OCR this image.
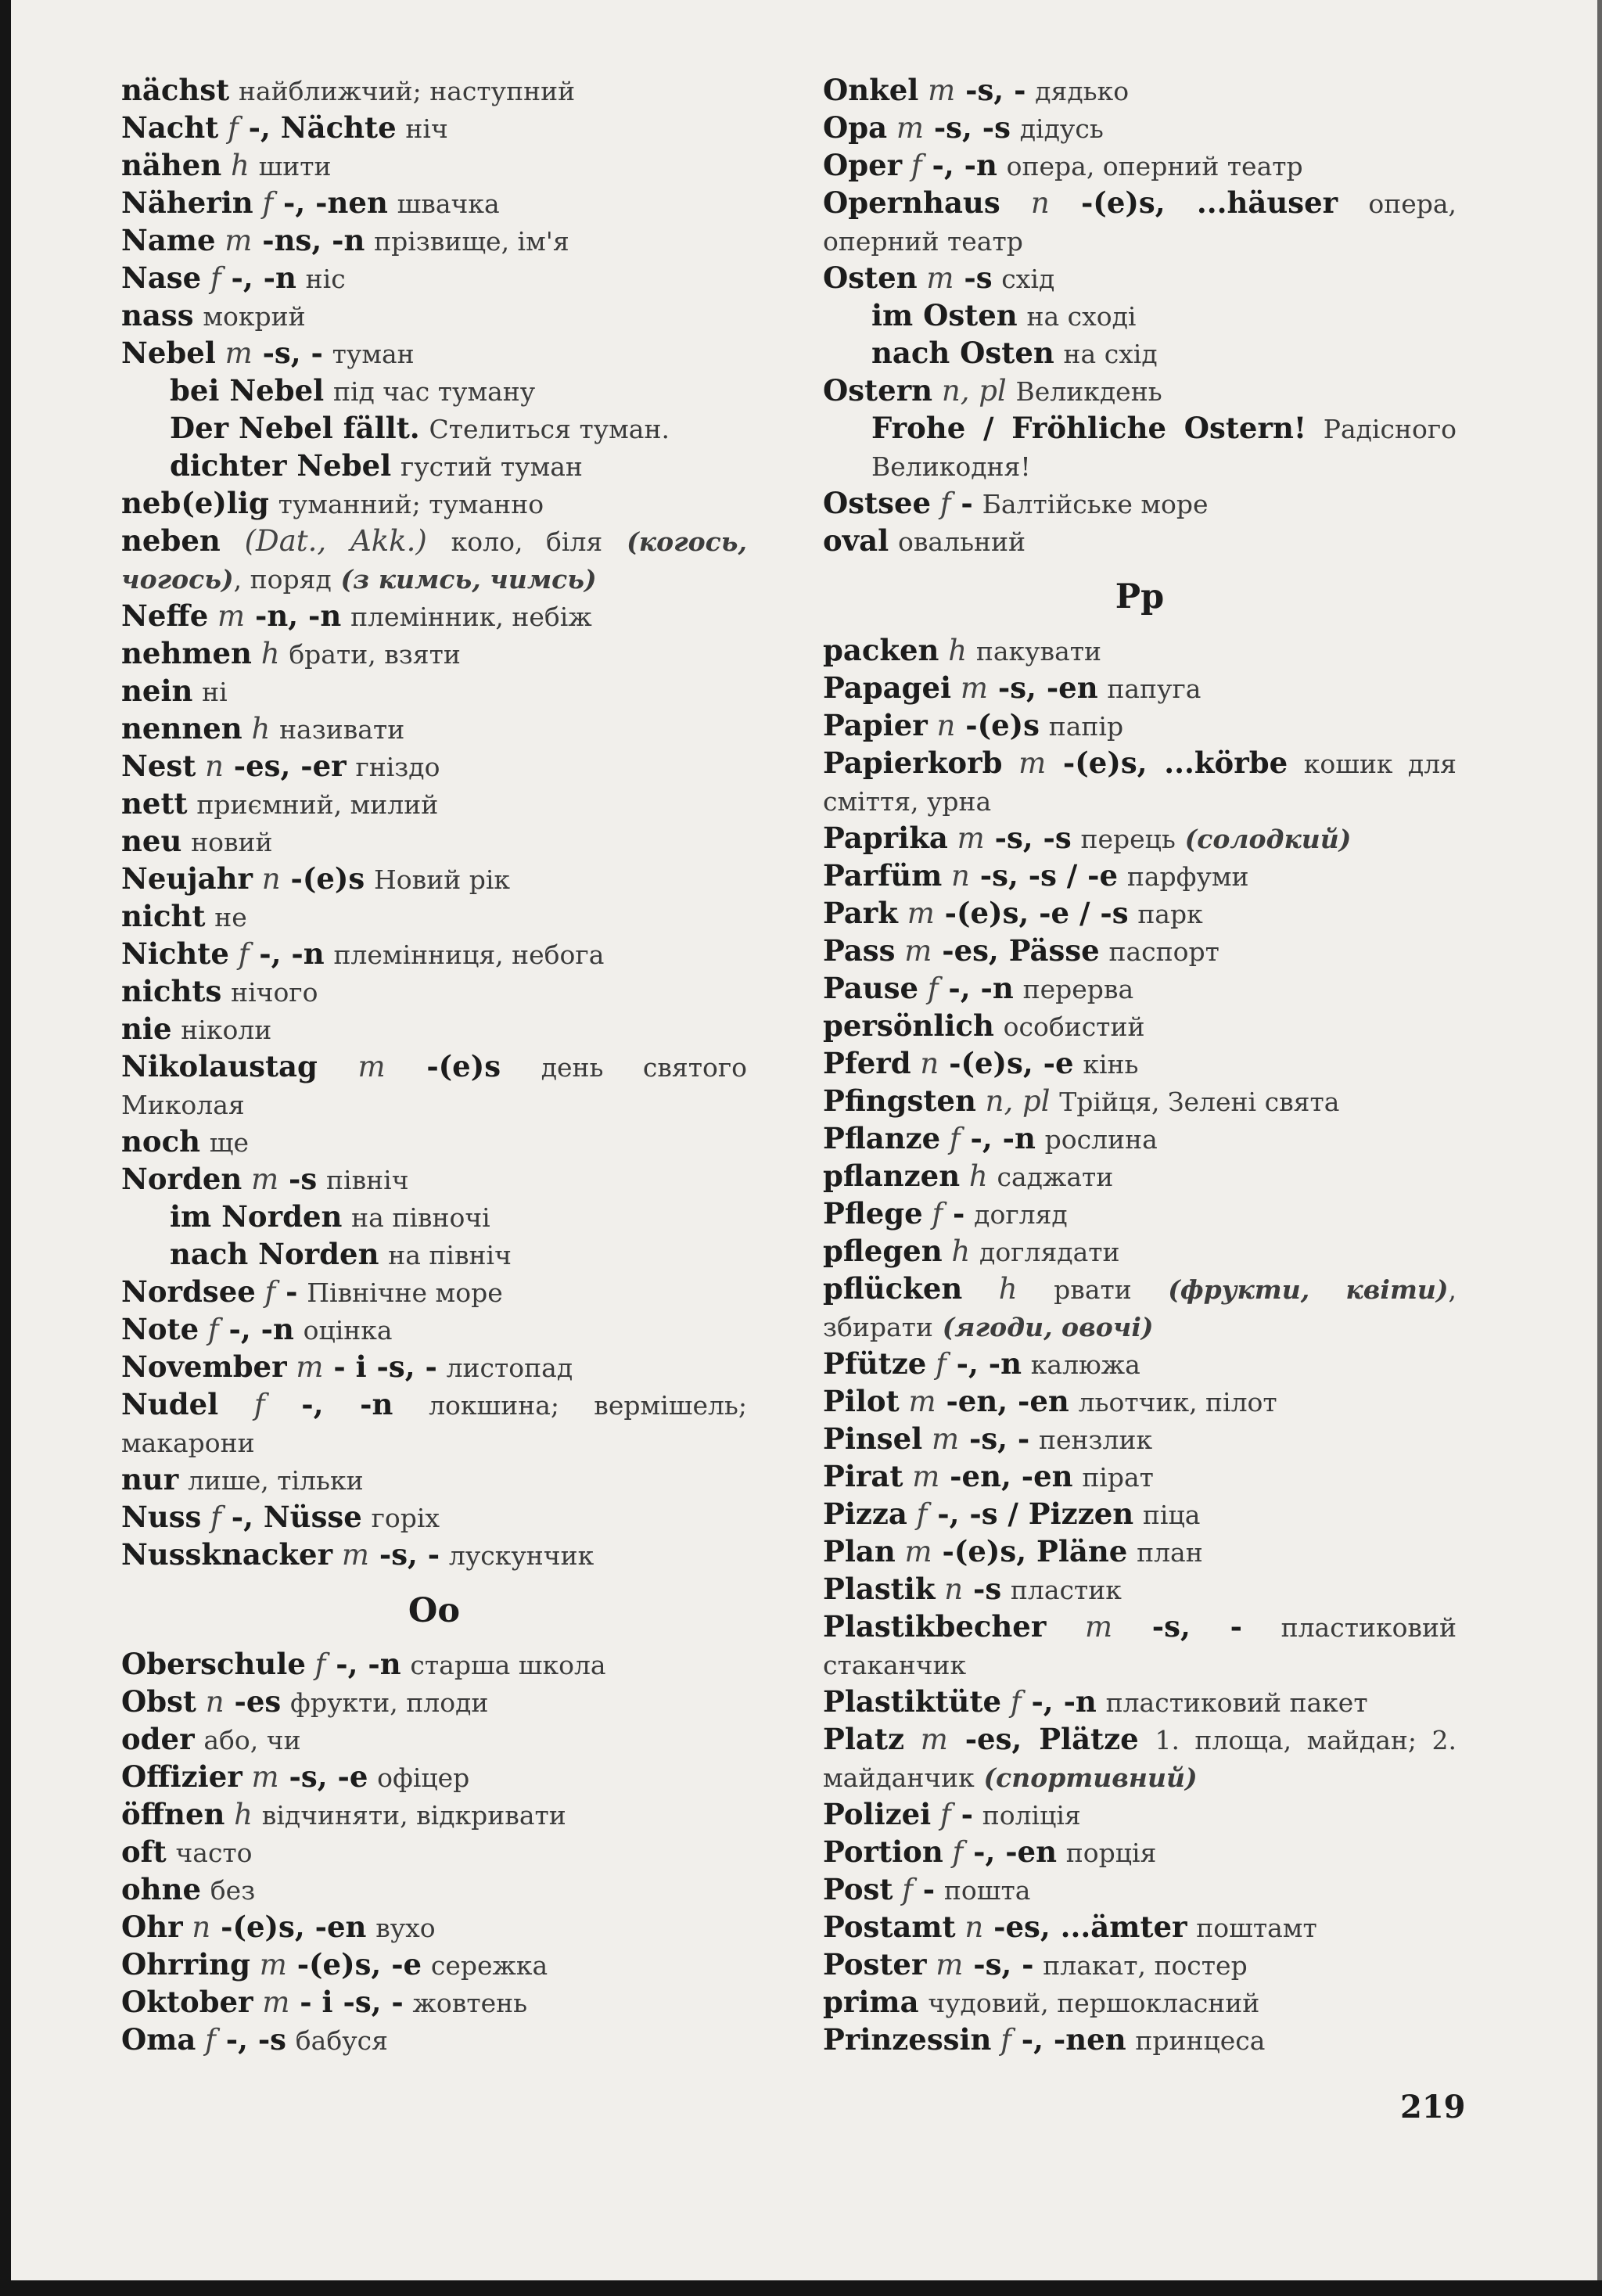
nächst найближчий; наступний
Nacht f -, Nächte ніч
nähen h шити
Näherin f -, -nen швачка
Name m -ns, -n прізвище, ім'я
Nase f -, -n ніс
nass мокрий
Nebel m -s, - туман
bei Nebel під час туману
Der Nebel fällt. Стелиться туман.
dichter Nebel густий туман
neb(e)lig туманний; туманно
neben (Dat., Akk.) коло, біля (когось, чогось), поряд (з кимсь, чимсь)
Neffe m -n, -n племінник, небіж
nehmen h брати, взяти
nein ні
nennen h називати
Nest n -es, -er гніздо
nett приємний, милий
neu новий
Neujahr n -(e)s Новий рік
nicht не
Nichte f -, -n племінниця, небога
nichts нічого
nie ніколи
Nikolaustag m -(e)s день святого Миколая
noch ще
Norden m -s північ
im Norden на півночі
nach Norden на північ
Nordsee f - Північне море
Note f -, -n оцінка
November m - i -s, - листопад
Nudel f -, -n локшина; вермішель; макарони
nur лише, тільки
Nuss f -, Nüsse горіх
Nussknacker m -s, - лускунчик
Oo
Oberschule f -, -n старша школа
Obst n -es фрукти, плоди
oder або, чи
Offizier m -s, -e офіцер
öffnen h відчиняти, відкривати
oft часто
ohne без
Ohr n -(e)s, -en вухо
Ohrring m -(e)s, -e сережка
Oktober m - i -s, - жовтень
Oma f -, -s бабуся
Onkel m -s, - дядько
Opa m -s, -s дідусь
Oper f -, -n опера, оперний театр
Opernhaus n -(e)s, ...häuser опера, оперний театр
Osten m -s схід
im Osten на сході
nach Osten на схід
Ostern n, pl Великдень
Frohe / Fröhliche Ostern! Радісного Великодня!
Ostsee f - Балтійське море
oval овальний
Pp
packen h пакувати
Papagei m -s, -en папуга
Papier n -(e)s папір
Papierkorb m -(e)s, ...körbe кошик для сміття, урна
Paprika m -s, -s перець (солодкий)
Parfüm n -s, -s / -e парфуми
Park m -(e)s, -e / -s парк
Pass m -es, Pässe паспорт
Pause f -, -n перерва
persönlich особистий
Pferd n -(e)s, -e кінь
Pfingsten n, pl Трійця, Зелені свята
Pflanze f -, -n рослина
pflanzen h саджати
Pflege f - догляд
pflegen h доглядати
pflücken h рвати (фрукти, квіти), збирати (ягоди, овочі)
Pfütze f -, -n калюжа
Pilot m -en, -en льотчик, пілот
Pinsel m -s, - пензлик
Pirat m -en, -en пірат
Pizza f -, -s / Pizzen піца
Plan m -(e)s, Pläne план
Plastik n -s пластик
Plastikbecher m -s, - пластиковий стаканчик
Plastiktüte f -, -n пластиковий пакет
Platz m -es, Plätze 1. площа, майдан; 2. майданчик (спортивний)
Polizei f - поліція
Portion f -, -en порція
Post f - пошта
Postamt n -es, ...ämter поштамт
Poster m -s, - плакат, постер
prima чудовий, першокласний
Prinzessin f -, -nen принцеса
219
